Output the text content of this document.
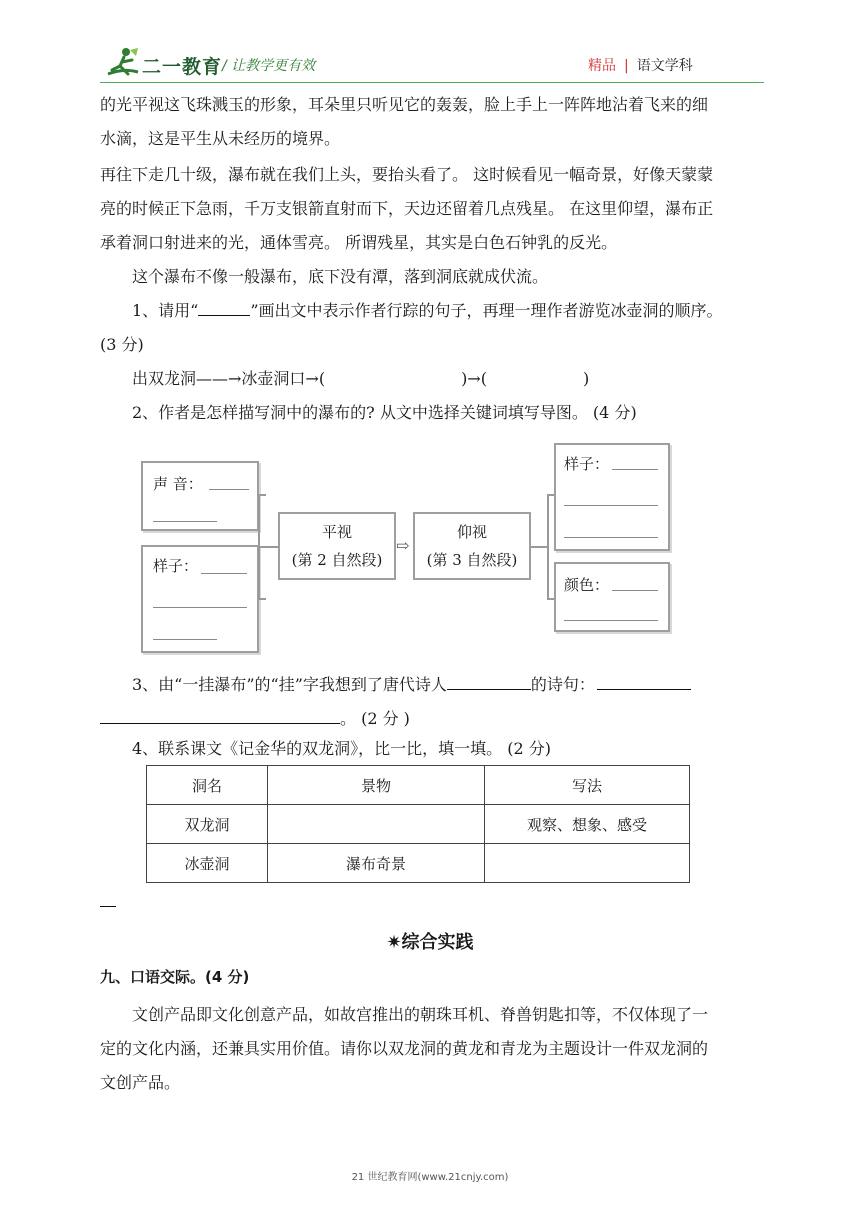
二一教育 / 让教学更有效	精品 | 语文学科
的光平视这飞珠溅玉的形象，耳朵里只听见它的轰轰，脸上手上一阵阵地沾着飞来的细
水滴，这是平生从未经历的境界。
再往下走几十级，瀑布就在我们上头，要抬头看了。 这时候看见一幅奇景，好像天蒙蒙
亮的时候正下急雨，千万支银箭直射而下，天边还留着几点残星。 在这里仰望，瀑布正
承着洞口射进来的光，通体雪亮。 所谓残星，其实是白色石钟乳的反光。
这个瀑布不像一般瀑布，底下没有潭，落到洞底就成伏流。
1、请用“	”画出文中表示作者行踪的句子，再理一理作者游览冰壶洞的顺序。
(3 分)
出双龙洞——→冰壶洞口→(	)→(	)
2、作者是怎样描写洞中的瀑布的? 从文中选择关键词填写导图。 (4 分)
声 音：
样子：
平视
(第 2 自然段)
⇨
仰视
(第 3 自然段)
样子：
颜色：
3、由“一挂瀑布”的“挂”字我想到了唐代诗人	的诗句：
。 (2 分 )
4、联系课文《记金华的双龙洞》，比一比，填一填。 (2 分)
洞名	景物	写法
双龙洞		观察、想象、感受
冰壶洞	瀑布奇景	
✷综合实践
九、口语交际。(4 分)
文创产品即文化创意产品，如故宫推出的朝珠耳机、脊兽钥匙扣等，不仅体现了一
定的文化内涵，还兼具实用价值。请你以双龙洞的黄龙和青龙为主题设计一件双龙洞的
文创产品。
21 世纪教育网(www.21cnjy.com)
